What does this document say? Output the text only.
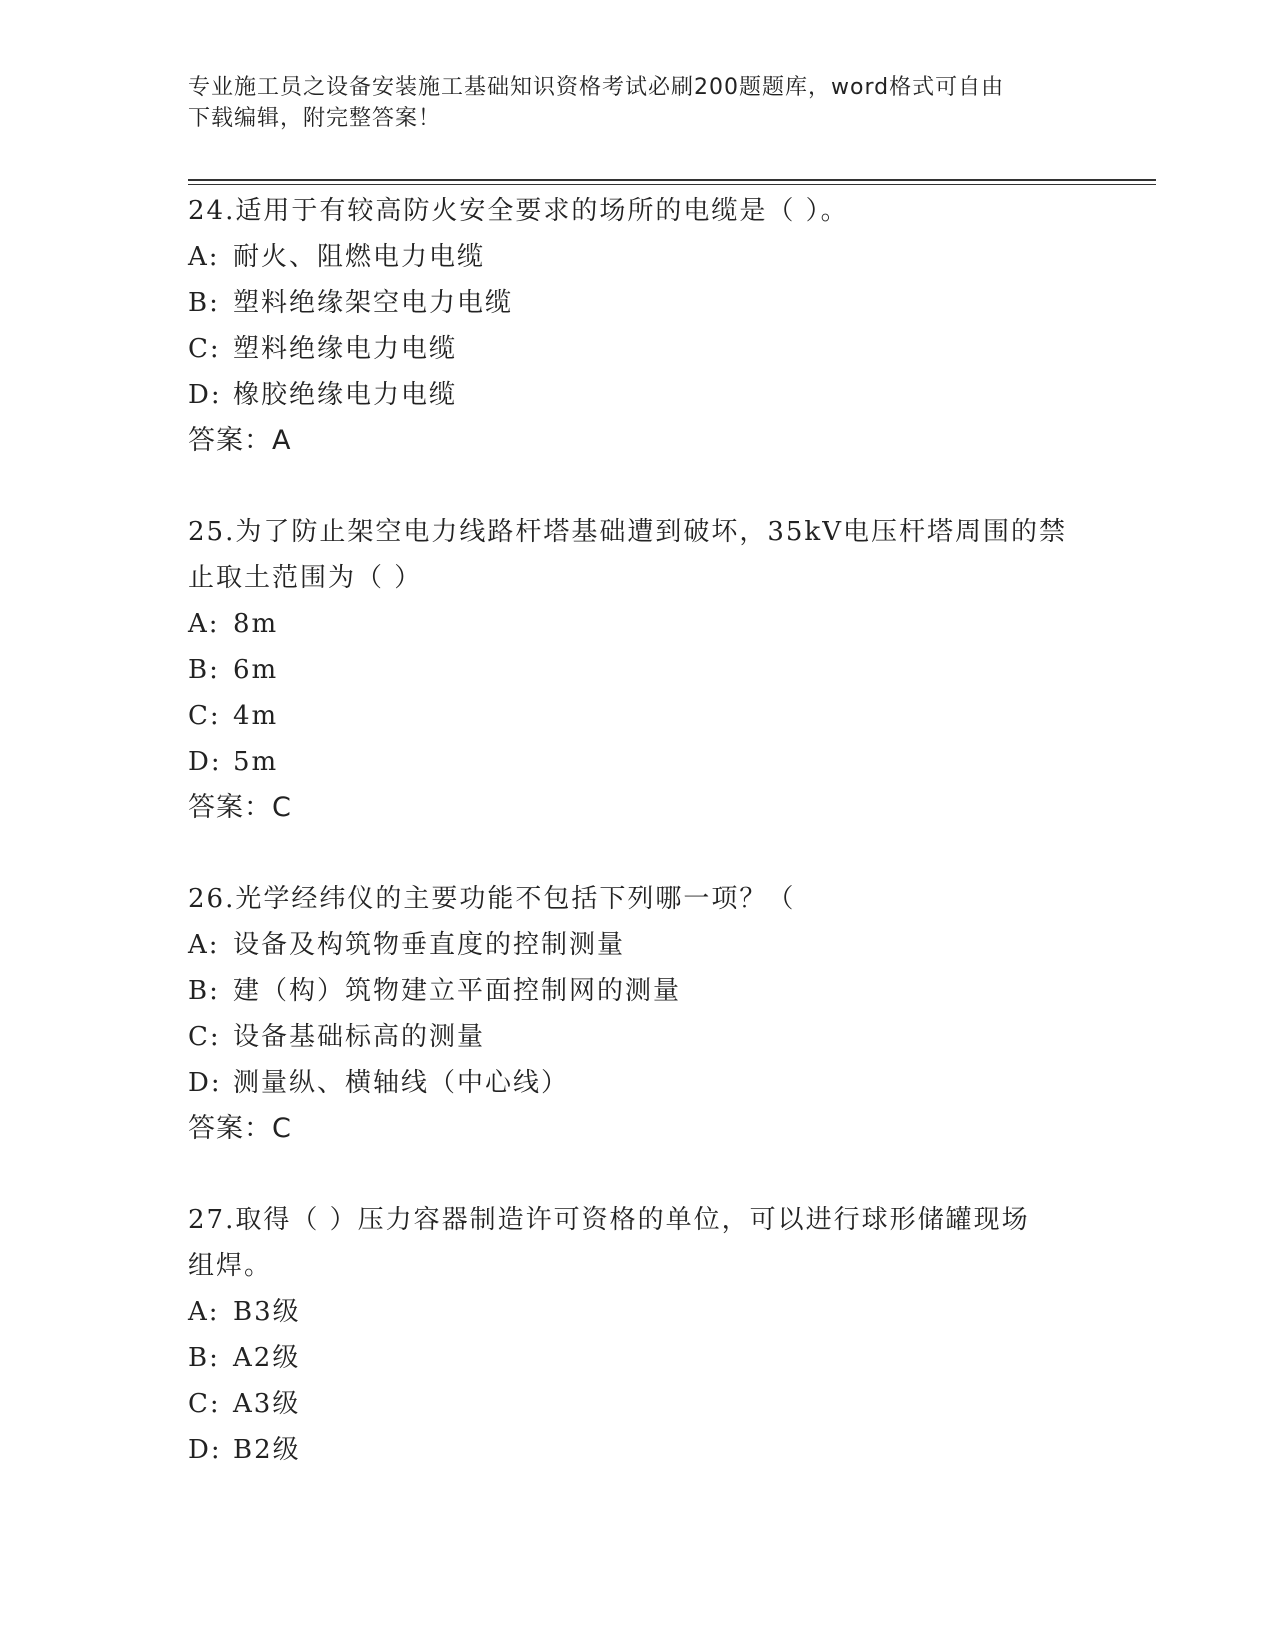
专业施工员之设备安装施工基础知识资格考试必刷200题题库，word格式可自由
下载编辑，附完整答案！
24.适用于有较高防火安全要求的场所的电缆是（ ）。
A: 耐火、阻燃电力电缆
B: 塑料绝缘架空电力电缆
C: 塑料绝缘电力电缆
D: 橡胶绝缘电力电缆
答案：A
25.为了防止架空电力线路杆塔基础遭到破坏，35kV电压杆塔周围的禁
止取土范围为（ ）
A: 8m
B: 6m
C: 4m
D: 5m
答案：C
26.光学经纬仪的主要功能不包括下列哪一项？（
A: 设备及构筑物垂直度的控制测量
B: 建（构）筑物建立平面控制网的测量
C: 设备基础标高的测量
D: 测量纵、横轴线（中心线）
答案：C
27.取得（ ）压力容器制造许可资格的单位，可以进行球形储罐现场
组焊。
A: B3级
B: A2级
C: A3级
D: B2级
